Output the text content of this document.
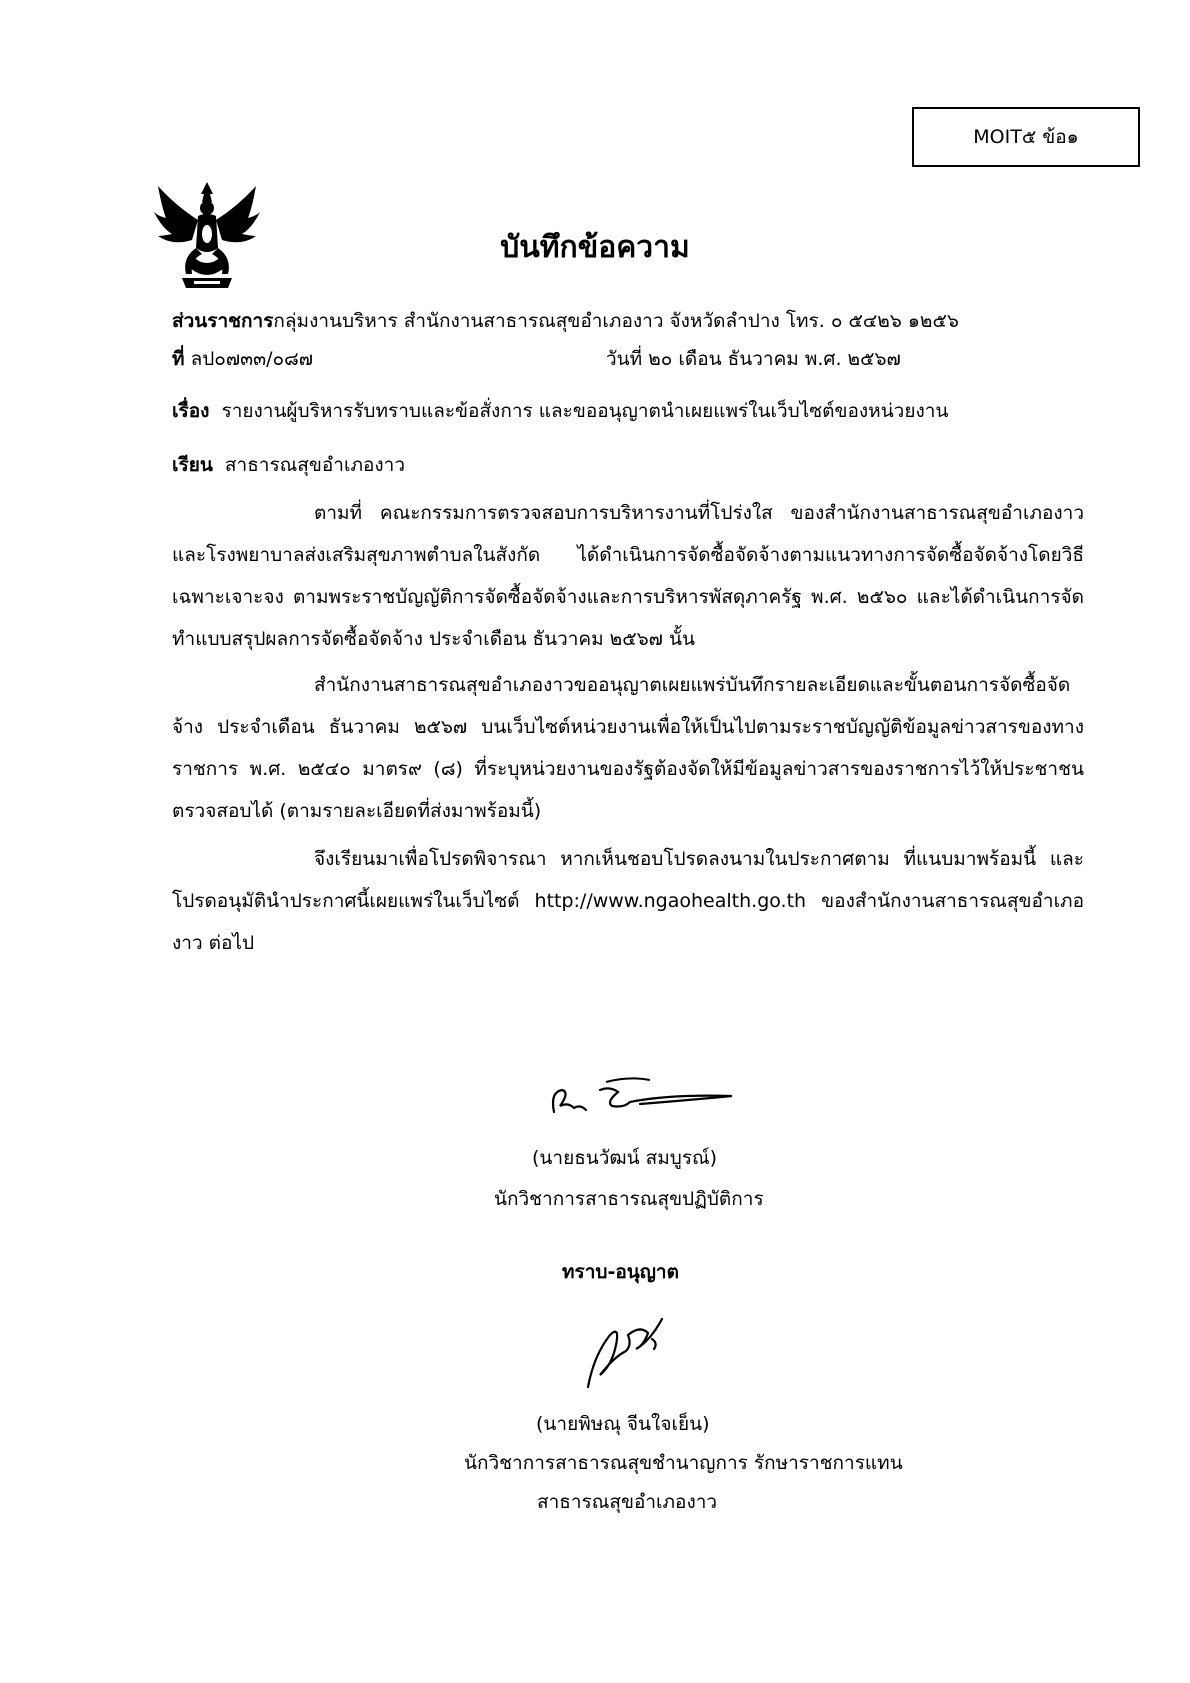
MOIT๕ ข้อ๑
บันทึกข้อความ
ส่วนราชการกลุ่มงานบริหาร สำนักงานสาธารณสุขอำเภองาว จังหวัดลำปาง โทร. ๐ ๕๔๒๖ ๑๒๕๖
ที่ ลป๐๗๓๓/๐๘๗	วันที่ ๒๐ เดือน ธันวาคม พ.ศ. ๒๕๖๗
เรื่อง รายงานผู้บริหารรับทราบและข้อสั่งการ และขออนุญาตนำเผยแพร่ในเว็บไซต์ของหน่วยงาน
เรียน สาธารณสุขอำเภองาว
ตามที่ คณะกรรมการตรวจสอบการบริหารงานที่โปร่งใส ของสำนักงานสาธารณสุขอำเภองาว และโรงพยาบาลส่งเสริมสุขภาพตำบลในสังกัด ได้ดำเนินการจัดซื้อจัดจ้างตามแนวทางการจัดซื้อจัดจ้างโดยวิธีเฉพาะเจาะจง ตามพระราชบัญญัติการจัดซื้อจัดจ้างและการบริหารพัสดุภาครัฐ พ.ศ. ๒๕๖๐ และได้ดำเนินการจัดทำแบบสรุปผลการจัดซื้อจัดจ้าง ประจำเดือน ธันวาคม ๒๕๖๗ นั้น
สำนักงานสาธารณสุขอำเภองาวขออนุญาตเผยแพร่บันทึกรายละเอียดและขั้นตอนการจัดซื้อจัดจ้าง ประจำเดือน ธันวาคม ๒๕๖๗ บนเว็บไซต์หน่วยงานเพื่อให้เป็นไปตามระราชบัญญัติข้อมูลข่าวสารของทางราชการ พ.ศ. ๒๕๔๐ มาตร๙ (๘) ที่ระบุหน่วยงานของรัฐต้องจัดให้มีข้อมูลข่าวสารของราชการไว้ให้ประชาชนตรวจสอบได้ (ตามรายละเอียดที่ส่งมาพร้อมนี้)
จึงเรียนมาเพื่อโปรดพิจารณา หากเห็นชอบโปรดลงนามในประกาศตาม ที่แนบมาพร้อมนี้ และโปรดอนุมัตินำประกาศนี้เผยแพร่ในเว็บไซต์ http://www.ngaohealth.go.th ของสำนักงานสาธารณสุขอำเภองาว ต่อไป
(นายธนวัฒน์ สมบูรณ์)
นักวิชาการสาธารณสุขปฏิบัติการ
ทราบ-อนุญาต
(นายพิษณุ จีนใจเย็น)
นักวิชาการสาธารณสุขชำนาญการ รักษาราชการแทน
สาธารณสุขอำเภองาว
